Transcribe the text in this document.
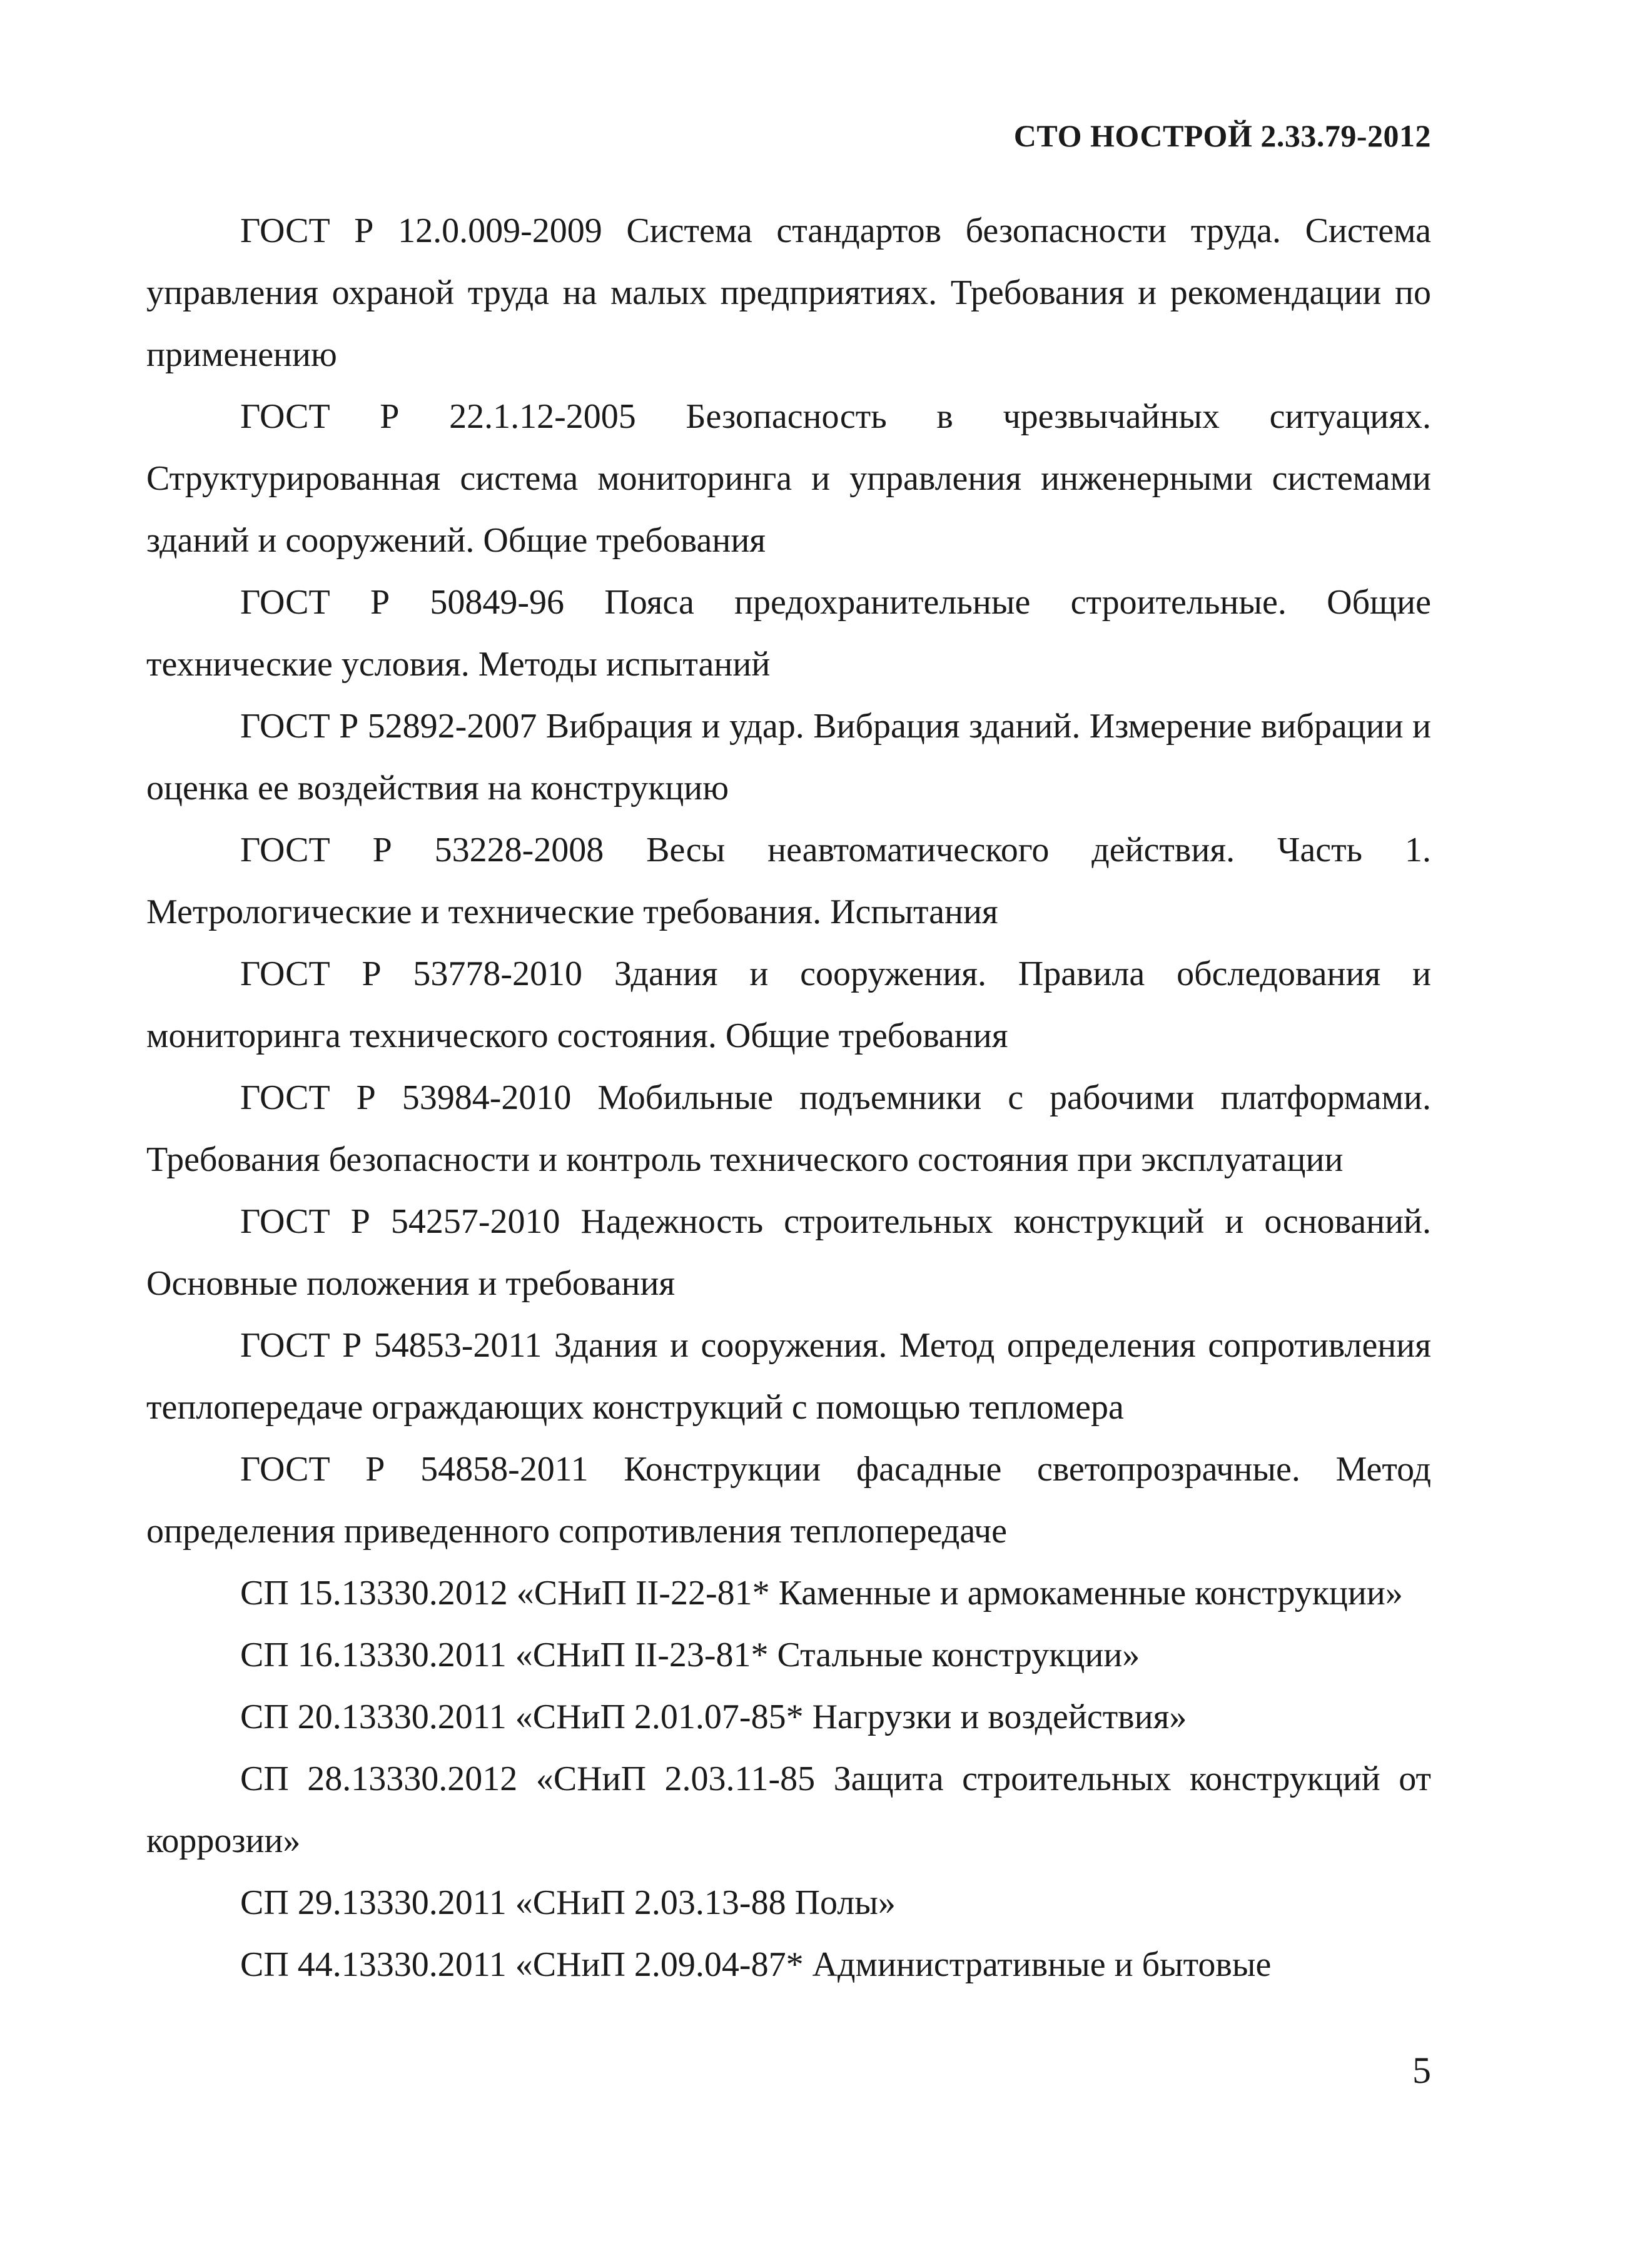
СТО НОСТРОЙ 2.33.79-2012

ГОСТ Р 12.0.009-2009 Система стандартов безопасности труда. Система управления охраной труда на малых предприятиях. Требования и рекомендации по применению

ГОСТ Р 22.1.12-2005 Безопасность в чрезвычайных ситуациях. Структурированная система мониторинга и управления инженерными системами зданий и сооружений. Общие требования

ГОСТ Р 50849-96 Пояса предохранительные строительные. Общие технические условия. Методы испытаний

ГОСТ Р 52892-2007 Вибрация и удар. Вибрация зданий. Измерение вибрации и оценка ее воздействия на конструкцию

ГОСТ Р 53228-2008 Весы неавтоматического действия. Часть 1. Метрологические и технические требования. Испытания

ГОСТ Р 53778-2010 Здания и сооружения. Правила обследования и мониторинга технического состояния. Общие требования

ГОСТ Р 53984-2010 Мобильные подъемники с рабочими платформами. Требования безопасности и контроль технического состояния при эксплуатации

ГОСТ Р 54257-2010 Надежность строительных конструкций и оснований. Основные положения и требования

ГОСТ Р 54853-2011 Здания и сооружения. Метод определения сопротивления теплопередаче ограждающих конструкций с помощью тепломера

ГОСТ Р 54858-2011 Конструкции фасадные светопрозрачные. Метод определения приведенного сопротивления теплопередаче

СП 15.13330.2012 «СНиП II-22-81* Каменные и армокаменные конструкции»

СП 16.13330.2011 «СНиП II-23-81* Стальные конструкции»

СП 20.13330.2011 «СНиП 2.01.07-85* Нагрузки и воздействия»

СП 28.13330.2012 «СНиП 2.03.11-85 Защита строительных конструкций от коррозии»

СП 29.13330.2011 «СНиП 2.03.13-88 Полы»

СП 44.13330.2011 «СНиП 2.09.04-87* Административные и бытовые

5
